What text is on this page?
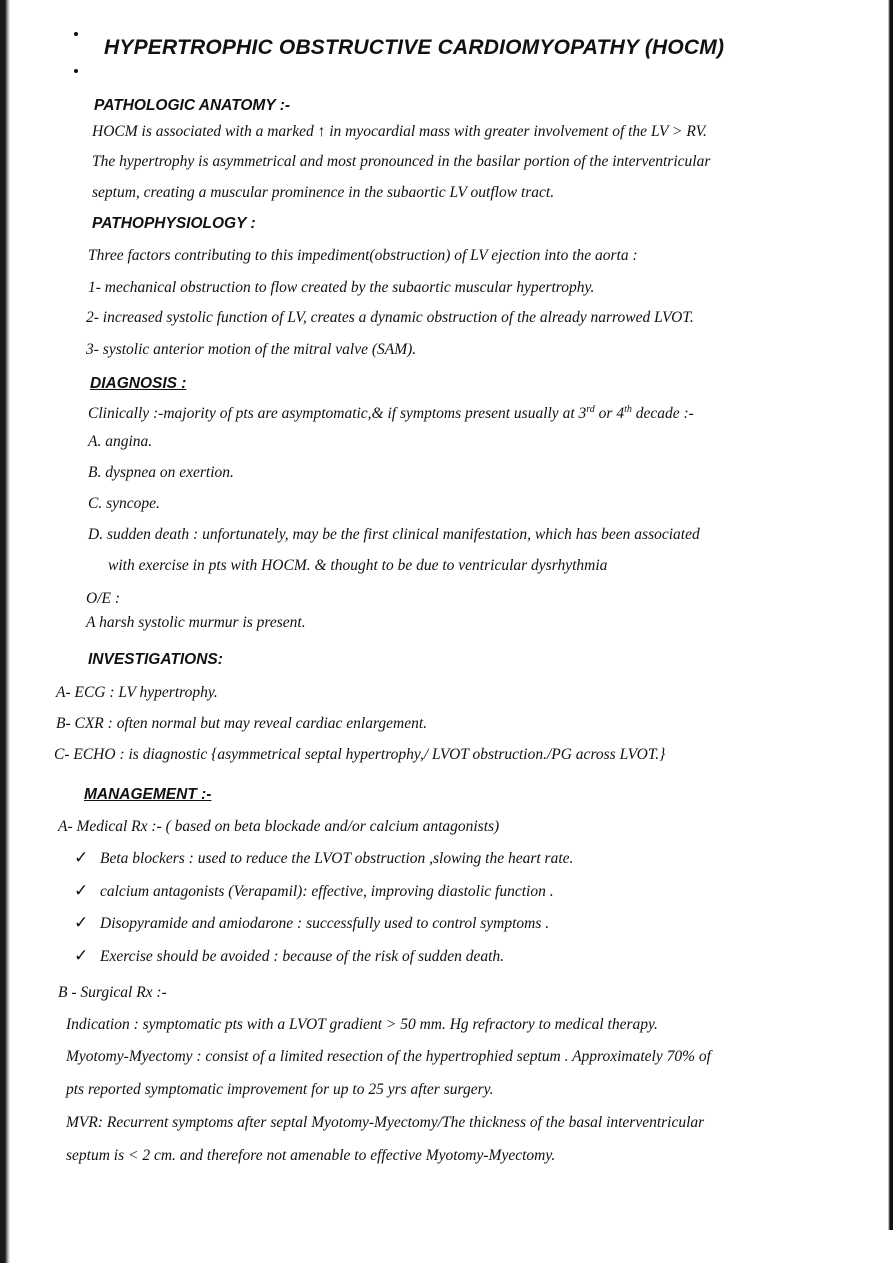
HYPERTROPHIC OBSTRUCTIVE CARDIOMYOPATHY (HOCM)
PATHOLOGIC ANATOMY :-
HOCM is associated with a marked ↑ in myocardial mass with greater involvement of the LV > RV.
The hypertrophy is asymmetrical and most pronounced in the basilar portion of the interventricular
septum, creating a muscular prominence in the subaortic LV outflow tract.
PATHOPHYSIOLOGY :
Three factors contributing to this impediment(obstruction) of LV ejection into the aorta :
1- mechanical obstruction to flow created by the subaortic muscular hypertrophy.
2- increased systolic function of LV, creates a dynamic obstruction of the already narrowed LVOT.
3- systolic anterior motion of the mitral valve (SAM).
DIAGNOSIS :
Clinically :-majority of pts are asymptomatic,& if symptoms present usually at 3rd or 4th decade :-
A. angina.
B. dyspnea on exertion.
C. syncope.
D. sudden death : unfortunately, may be the first clinical manifestation, which has been associated
with exercise in pts with HOCM. & thought to be due to ventricular dysrhythmia
O/E :
A harsh systolic murmur is present.
INVESTIGATIONS:
A- ECG : LV hypertrophy.
B- CXR : often normal but may reveal cardiac enlargement.
C- ECHO : is diagnostic {asymmetrical septal hypertrophy,/ LVOT obstruction./PG across LVOT.}
MANAGEMENT :-
A- Medical Rx :- ( based on beta blockade and/or calcium antagonists)
✓ Beta blockers : used to reduce the LVOT obstruction ,slowing the heart rate.
✓ calcium antagonists (Verapamil): effective, improving diastolic function .
✓ Disopyramide and amiodarone : successfully used to control symptoms .
✓ Exercise should be avoided : because of the risk of sudden death.
B - Surgical Rx :-
Indication : symptomatic pts with a LVOT gradient > 50 mm. Hg refractory to medical therapy.
Myotomy-Myectomy : consist of a limited resection of the hypertrophied septum . Approximately 70% of
pts reported symptomatic improvement for up to 25 yrs after surgery.
MVR: Recurrent symptoms after septal Myotomy-Myectomy/The thickness of the basal interventricular
septum is < 2 cm. and therefore not amenable to effective Myotomy-Myectomy.
